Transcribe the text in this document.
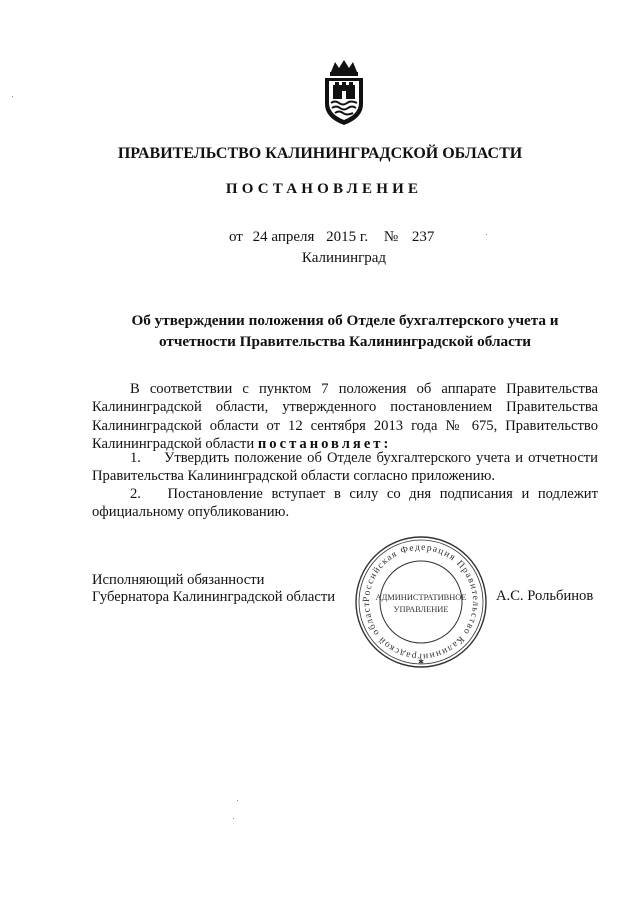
ПРАВИТЕЛЬСТВО КАЛИНИНГРАДСКОЙ ОБЛАСТИ
ПОСТАНОВЛЕНИЕ
от 24 апреля 2015 г. № 237
Калининград
Об утверждении положения об Отделе бухгалтерского учета и
отчетности Правительства Калининградской области
В соответствии с пунктом 7 положения об аппарате Правительства Калининградской области, утвержденного постановлением Правительства Калининградской области от 12 сентября 2013 года № 675, Правительство Калининградской области постановляет:
1. Утвердить положение об Отделе бухгалтерского учета и отчетности Правительства Калининградской области согласно приложению.
2. Постановление вступает в силу со дня подписания и подлежит официальному опубликованию.
Исполняющий обязанности
Губернатора Калининградской области	А.С. Рольбинов
Российская Федерация Правительство Калининградской област
АДМИНИСТРАТИВНОЕ
УПРАВЛЕНИЕ
✱
